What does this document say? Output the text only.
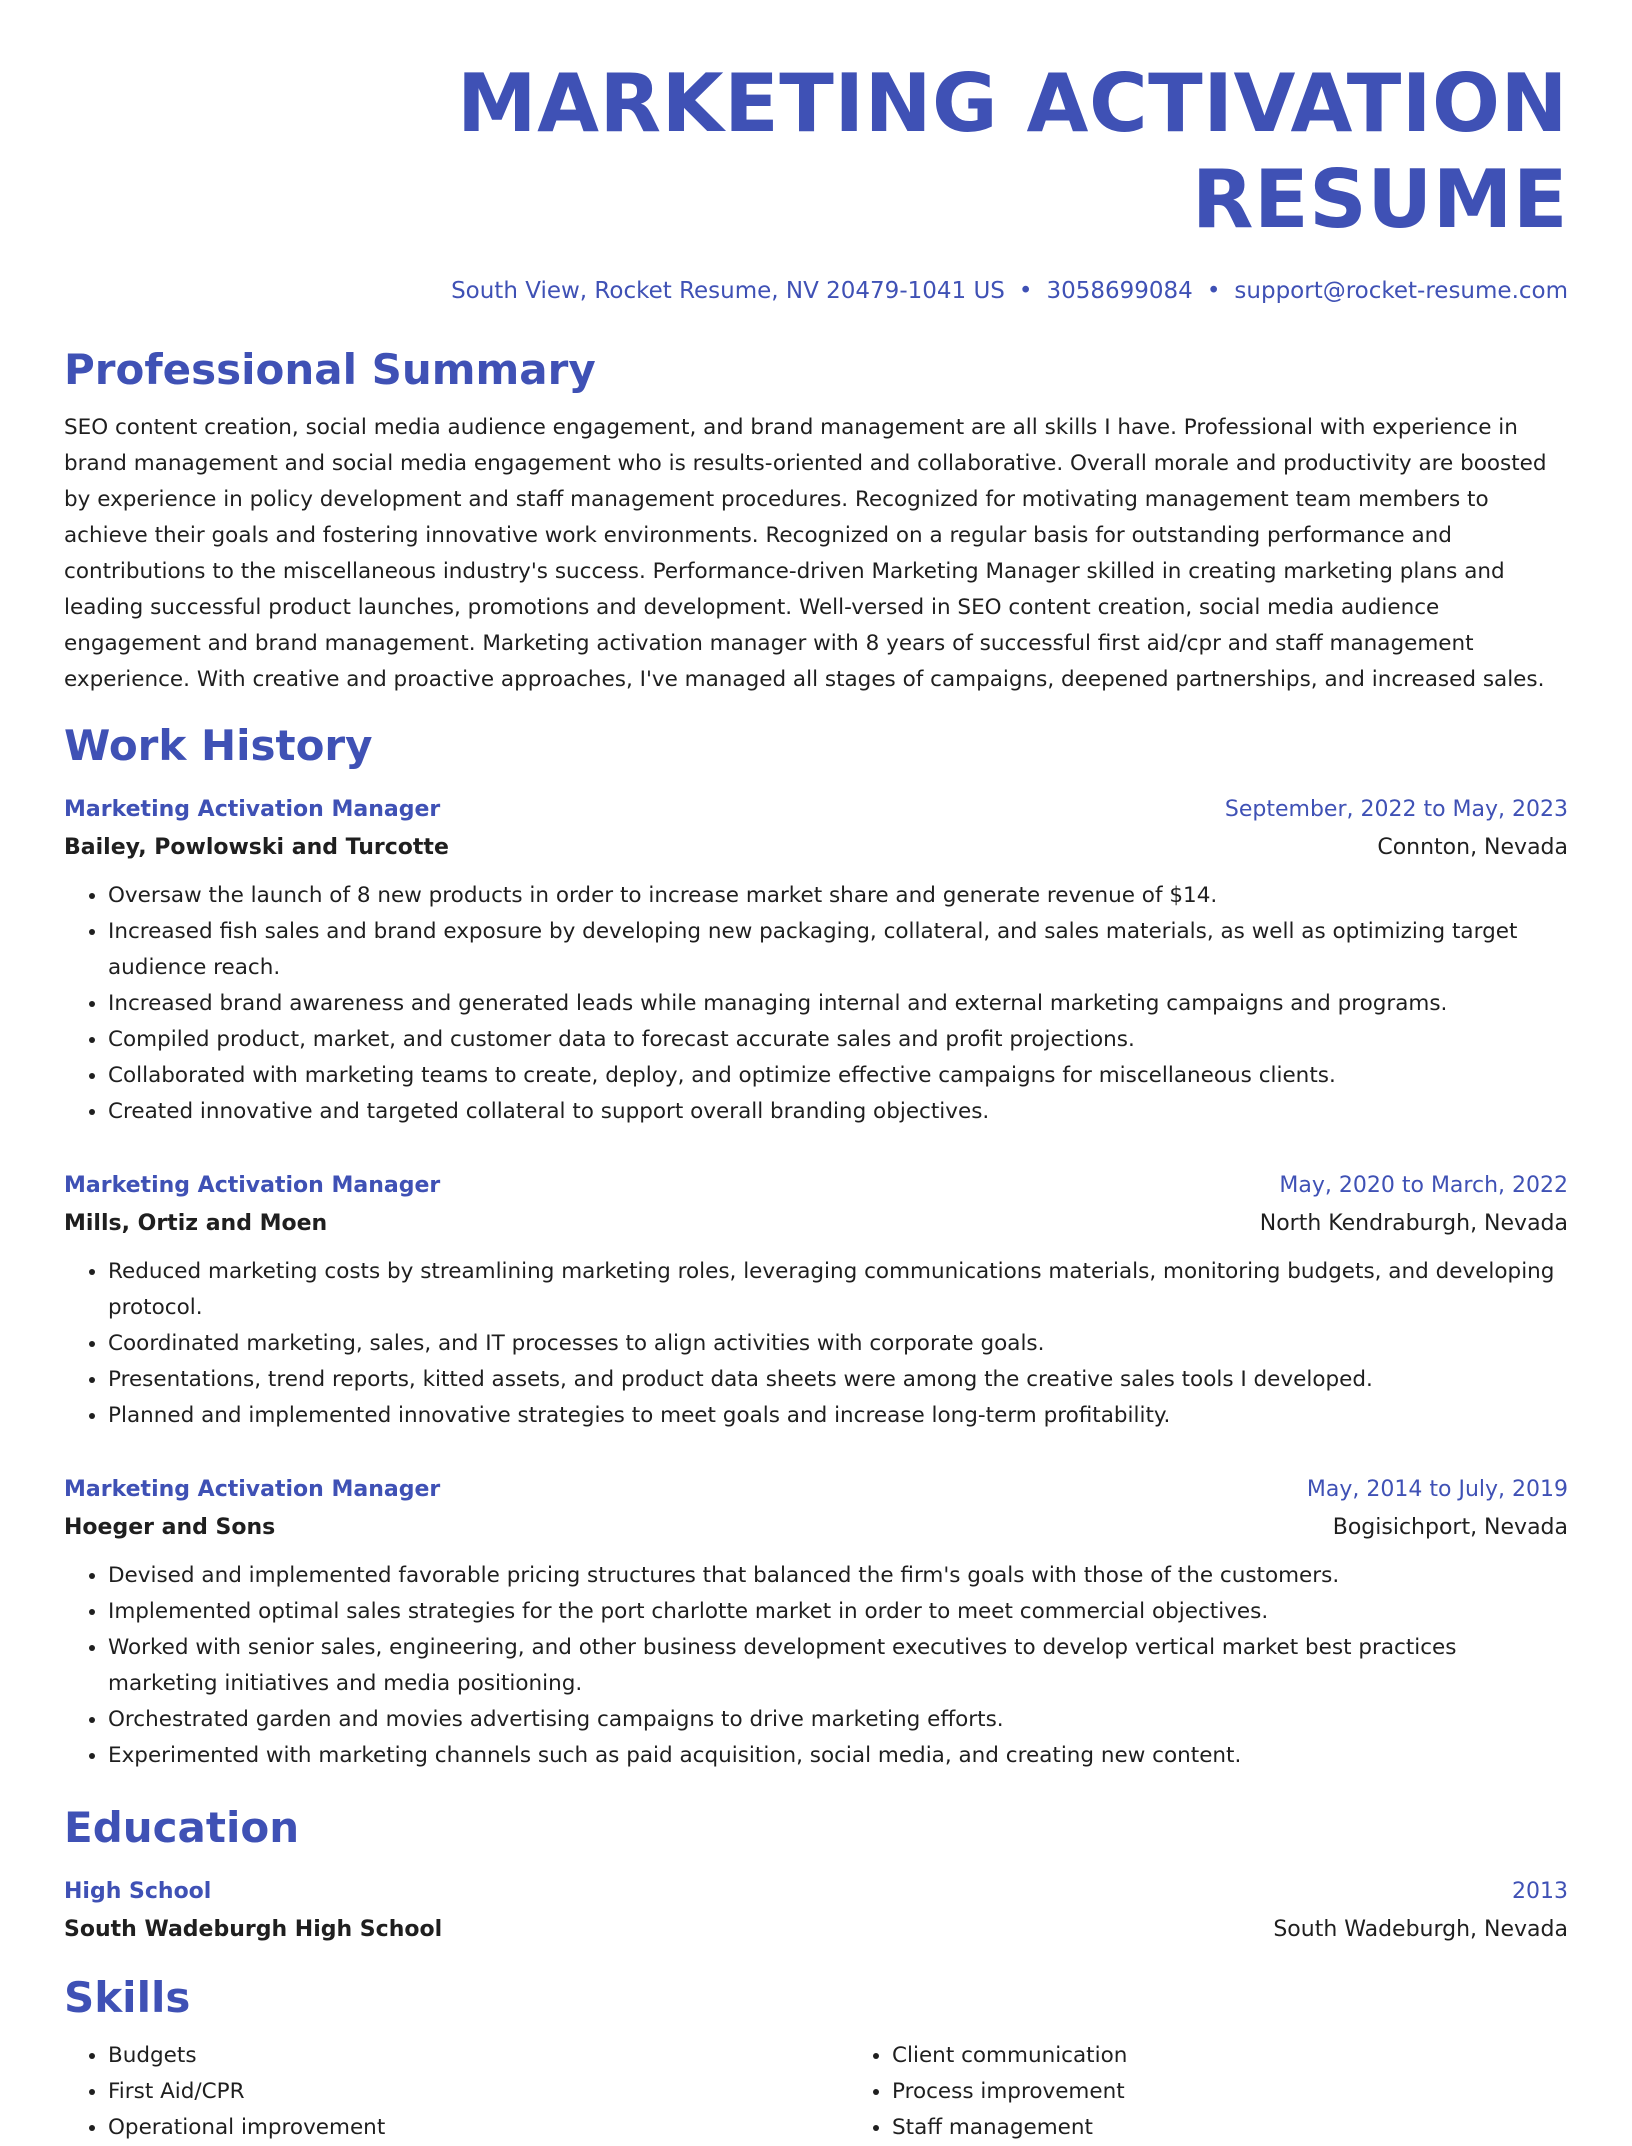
MARKETING ACTIVATION RESUME
South View, Rocket Resume, NV 20479-1041 US • 3058699084 • support@rocket-resume.com
Professional Summary
SEO content creation, social media audience engagement, and brand management are all skills I have. Professional with experience in brand management and social media engagement who is results-oriented and collaborative. Overall morale and productivity are boosted by experience in policy development and staff management procedures. Recognized for motivating management team members to achieve their goals and fostering innovative work environments. Recognized on a regular basis for outstanding performance and contributions to the miscellaneous industry's success. Performance-driven Marketing Manager skilled in creating marketing plans and leading successful product launches, promotions and development. Well-versed in SEO content creation, social media audience engagement and brand management. Marketing activation manager with 8 years of successful first aid/cpr and staff management experience. With creative and proactive approaches, I've managed all stages of campaigns, deepened partnerships, and increased sales.
Work History
Marketing Activation Manager	September, 2022 to May, 2023
Bailey, Powlowski and Turcotte	Connton, Nevada
• Oversaw the launch of 8 new products in order to increase market share and generate revenue of $14.
• Increased fish sales and brand exposure by developing new packaging, collateral, and sales materials, as well as optimizing target audience reach.
• Increased brand awareness and generated leads while managing internal and external marketing campaigns and programs.
• Compiled product, market, and customer data to forecast accurate sales and profit projections.
• Collaborated with marketing teams to create, deploy, and optimize effective campaigns for miscellaneous clients.
• Created innovative and targeted collateral to support overall branding objectives.
Marketing Activation Manager	May, 2020 to March, 2022
Mills, Ortiz and Moen	North Kendraburgh, Nevada
• Reduced marketing costs by streamlining marketing roles, leveraging communications materials, monitoring budgets, and developing protocol.
• Coordinated marketing, sales, and IT processes to align activities with corporate goals.
• Presentations, trend reports, kitted assets, and product data sheets were among the creative sales tools I developed.
• Planned and implemented innovative strategies to meet goals and increase long-term profitability.
Marketing Activation Manager	May, 2014 to July, 2019
Hoeger and Sons	Bogisichport, Nevada
• Devised and implemented favorable pricing structures that balanced the firm's goals with those of the customers.
• Implemented optimal sales strategies for the port charlotte market in order to meet commercial objectives.
• Worked with senior sales, engineering, and other business development executives to develop vertical market best practices marketing initiatives and media positioning.
• Orchestrated garden and movies advertising campaigns to drive marketing efforts.
• Experimented with marketing channels such as paid acquisition, social media, and creating new content.
Education
High School	2013
South Wadeburgh High School	South Wadeburgh, Nevada
Skills
• Budgets
• First Aid/CPR
• Operational improvement
• Client communication
• Process improvement
• Staff management
